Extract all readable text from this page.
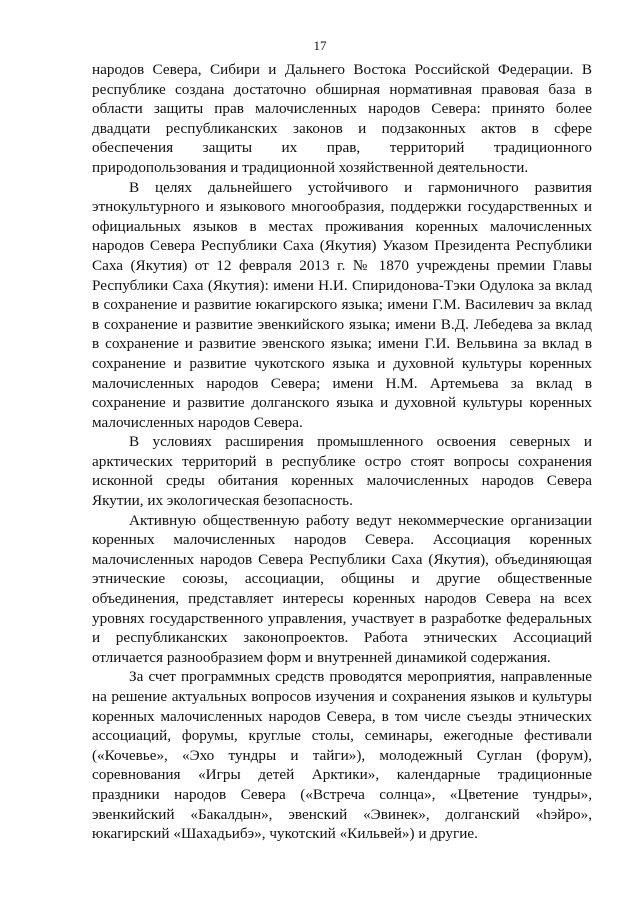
17

народов Севера, Сибири и Дальнего Востока Российской Федерации. В республике создана достаточно обширная нормативная правовая база в области защиты прав малочисленных народов Севера: принято более двадцати республиканских законов и подзаконных актов в сфере обеспечения защиты их прав, территорий традиционного природопользования и традиционной хозяйственной деятельности.

В целях дальнейшего устойчивого и гармоничного развития этнокультурного и языкового многообразия, поддержки государственных и официальных языков в местах проживания коренных малочисленных народов Севера Республики Саха (Якутия) Указом Президента Республики Саха (Якутия) от 12 февраля 2013 г. № 1870 учреждены премии Главы Республики Саха (Якутия): имени Н.И. Спиридонова-Тэки Одулока за вклад в сохранение и развитие юкагирского языка; имени Г.М. Василевич за вклад в сохранение и развитие эвенкийского языка; имени В.Д. Лебедева за вклад в сохранение и развитие эвенского языка; имени Г.И. Вельвина за вклад в сохранение и развитие чукотского языка и духовной культуры коренных малочисленных народов Севера; имени Н.М. Артемьева за вклад в сохранение и развитие долганского языка и духовной культуры коренных малочисленных народов Севера.

В условиях расширения промышленного освоения северных и арктических территорий в республике остро стоят вопросы сохранения исконной среды обитания коренных малочисленных народов Севера Якутии, их экологическая безопасность.

Активную общественную работу ведут некоммерческие организации коренных малочисленных народов Севера. Ассоциация коренных малочисленных народов Севера Республики Саха (Якутия), объединяющая этнические союзы, ассоциации, общины и другие общественные объединения, представляет интересы коренных народов Севера на всех уровнях государственного управления, участвует в разработке федеральных и республиканских законопроектов. Работа этнических Ассоциаций отличается разнообразием форм и внутренней динамикой содержания.

За счет программных средств проводятся мероприятия, направленные на решение актуальных вопросов изучения и сохранения языков и культуры коренных малочисленных народов Севера, в том числе съезды этнических ассоциаций, форумы, круглые столы, семинары, ежегодные фестивали («Кочевье», «Эхо тундры и тайги»), молодежный Суглан (форум), соревнования «Игры детей Арктики», календарные традиционные праздники народов Севера («Встреча солнца», «Цветение тундры», эвенкийский «Бакалдын», эвенский «Эвинек», долганский «hэйро», юкагирский «Шахадьибэ», чукотский «Кильвей») и другие.
